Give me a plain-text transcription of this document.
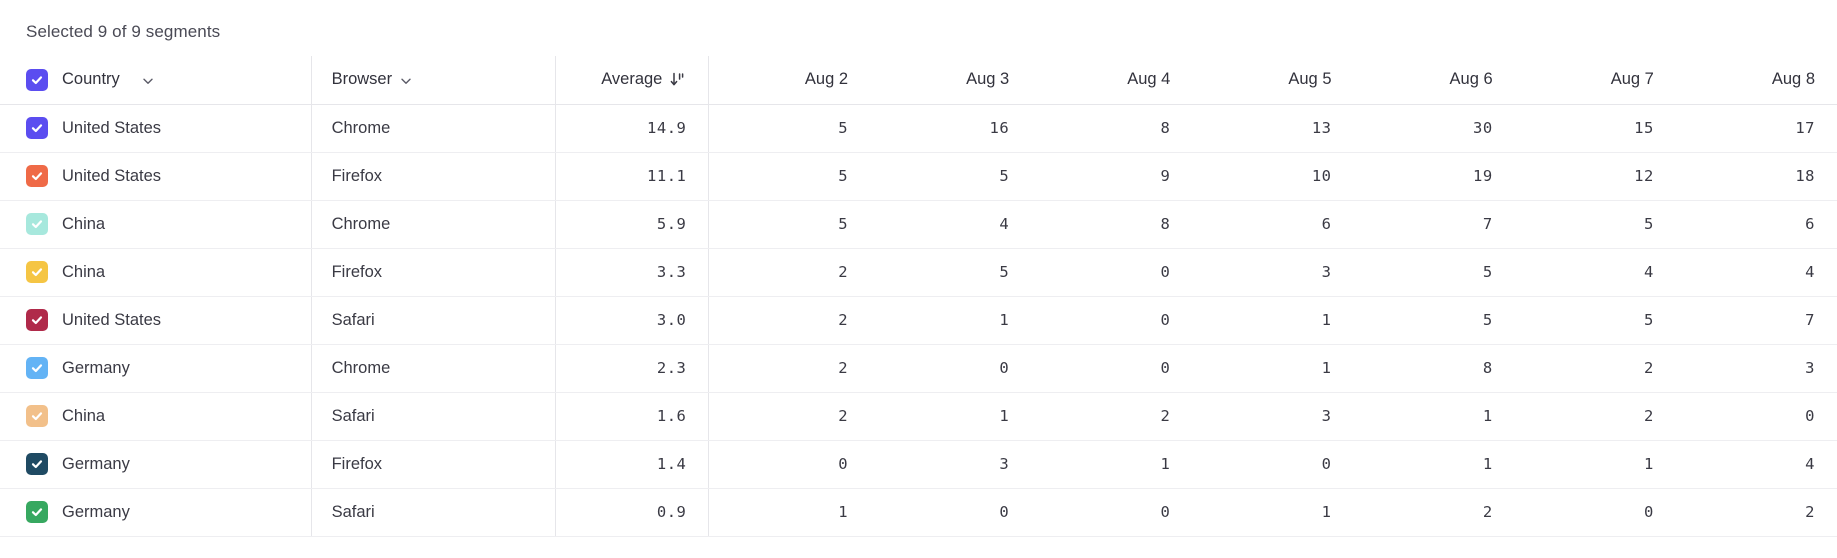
Selected 9 of 9 segments
Country	Browser	Average	Aug 2	Aug 3	Aug 4	Aug 5	Aug 6	Aug 7	Aug 8

United States	Chrome	14.9	5	16	8	13	30	15	17

United States	Firefox	11.1	5	5	9	10	19	12	18

China	Chrome	5.9	5	4	8	6	7	5	6

China	Firefox	3.3	2	5	0	3	5	4	4

United States	Safari	3.0	2	1	0	1	5	5	7

Germany	Chrome	2.3	2	0	0	1	8	2	3

China	Safari	1.6	2	1	2	3	1	2	0

Germany	Firefox	1.4	0	3	1	0	1	1	4

Germany	Safari	0.9	1	0	0	1	2	0	2
